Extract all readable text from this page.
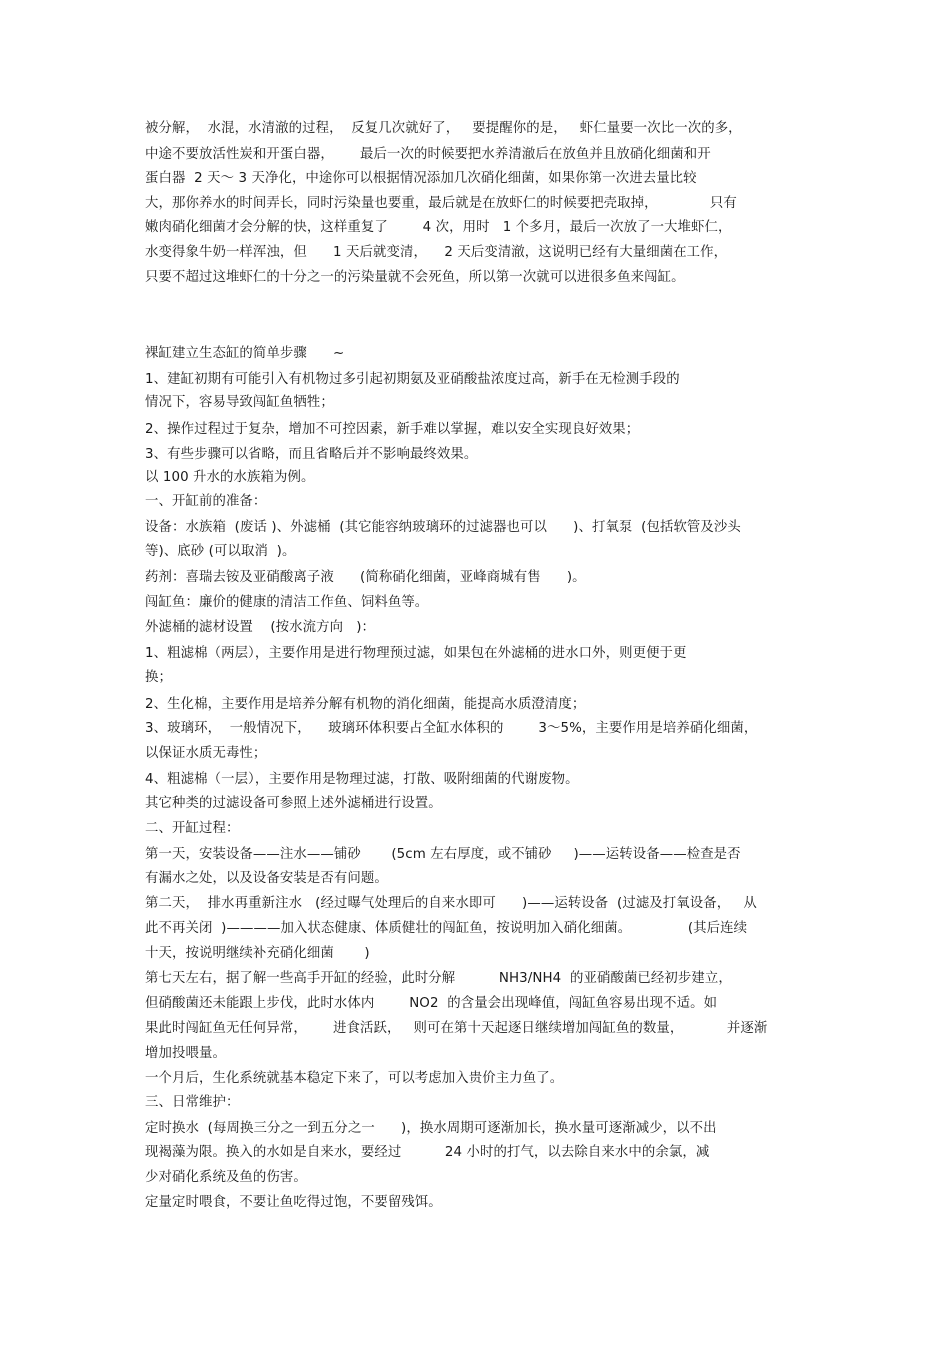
被分解，  水混，水清澈的过程，  反复几次就好了，   要提醒你的是，   虾仁量要一次比一次的多，
中途不要放活性炭和开蛋白器，      最后一次的时候要把水养清澈后在放鱼并且放硝化细菌和开
蛋白器  2 天～ 3 天净化，中途你可以根据情况添加几次硝化细菌，如果你第一次进去量比较
大，那你养水的时间弄长，同时污染量也要重，最后就是在放虾仁的时候要把壳取掉，            只有
嫩肉硝化细菌才会分解的快，这样重复了        4 次，用时   1 个多月，最后一次放了一大堆虾仁，
水变得象牛奶一样浑浊，但      1 天后就变清，    2 天后变清澈，这说明已经有大量细菌在工作，
只要不超过这堆虾仁的十分之一的污染量就不会死鱼，所以第一次就可以进很多鱼来闯缸。
裸缸建立生态缸的简单步骤      ~
1、建缸初期有可能引入有机物过多引起初期氨及亚硝酸盐浓度过高，新手在无检测手段的
情况下，容易导致闯缸鱼牺牲；
2、操作过程过于复杂，增加不可控因素，新手难以掌握，难以安全实现良好效果；
3、有些步骤可以省略，而且省略后并不影响最终效果。
以 100 升水的水族箱为例。
一、开缸前的准备：
设备：水族箱  (废话 )、外滤桶  (其它能容纳玻璃环的过滤器也可以      )、打氧泵  (包括软管及沙头
等)、底砂 (可以取消  )。
药剂：喜瑞去铵及亚硝酸离子液      (简称硝化细菌，亚峰商城有售      )。
闯缸鱼：廉价的健康的清洁工作鱼、饲料鱼等。
外滤桶的滤材设置    (按水流方向   )：
1、粗滤棉（两层），主要作用是进行物理预过滤，如果包在外滤桶的进水口外，则更便于更
换；
2、生化棉，主要作用是培养分解有机物的消化细菌，能提高水质澄清度；
3、玻璃环，  一般情况下，    玻璃环体积要占全缸水体积的        3～5%，主要作用是培养硝化细菌，
以保证水质无毒性；
4、粗滤棉（一层），主要作用是物理过滤，打散、吸附细菌的代谢废物。
其它种类的过滤设备可参照上述外滤桶进行设置。
二、开缸过程：
第一天，安装设备——注水——铺砂       (5cm 左右厚度，或不铺砂     )——运转设备——检查是否
有漏水之处，以及设备安装是否有问题。
第二天，  排水再重新注水   (经过曝气处理后的自来水即可      )——运转设备  (过滤及打氧设备，   从
此不再关闭  )————加入状态健康、体质健壮的闯缸鱼，按说明加入硝化细菌。             (其后连续
十天，按说明继续补充硝化细菌       )
第七天左右，据了解一些高手开缸的经验，此时分解          NH3/NH4  的亚硝酸菌已经初步建立，
但硝酸菌还未能跟上步伐，此时水体内        NO2  的含量会出现峰值，闯缸鱼容易出现不适。如
果此时闯缸鱼无任何异常，      进食活跃，   则可在第十天起逐日继续增加闯缸鱼的数量，          并逐渐
增加投喂量。
一个月后，生化系统就基本稳定下来了，可以考虑加入贵价主力鱼了。
三、日常维护：
定时换水  (每周换三分之一到五分之一      )，换水周期可逐渐加长，换水量可逐渐减少，以不出
现褐藻为限。换入的水如是自来水，要经过          24 小时的打气，以去除自来水中的余氯，减
少对硝化系统及鱼的伤害。
定量定时喂食，不要让鱼吃得过饱，不要留残饵。
